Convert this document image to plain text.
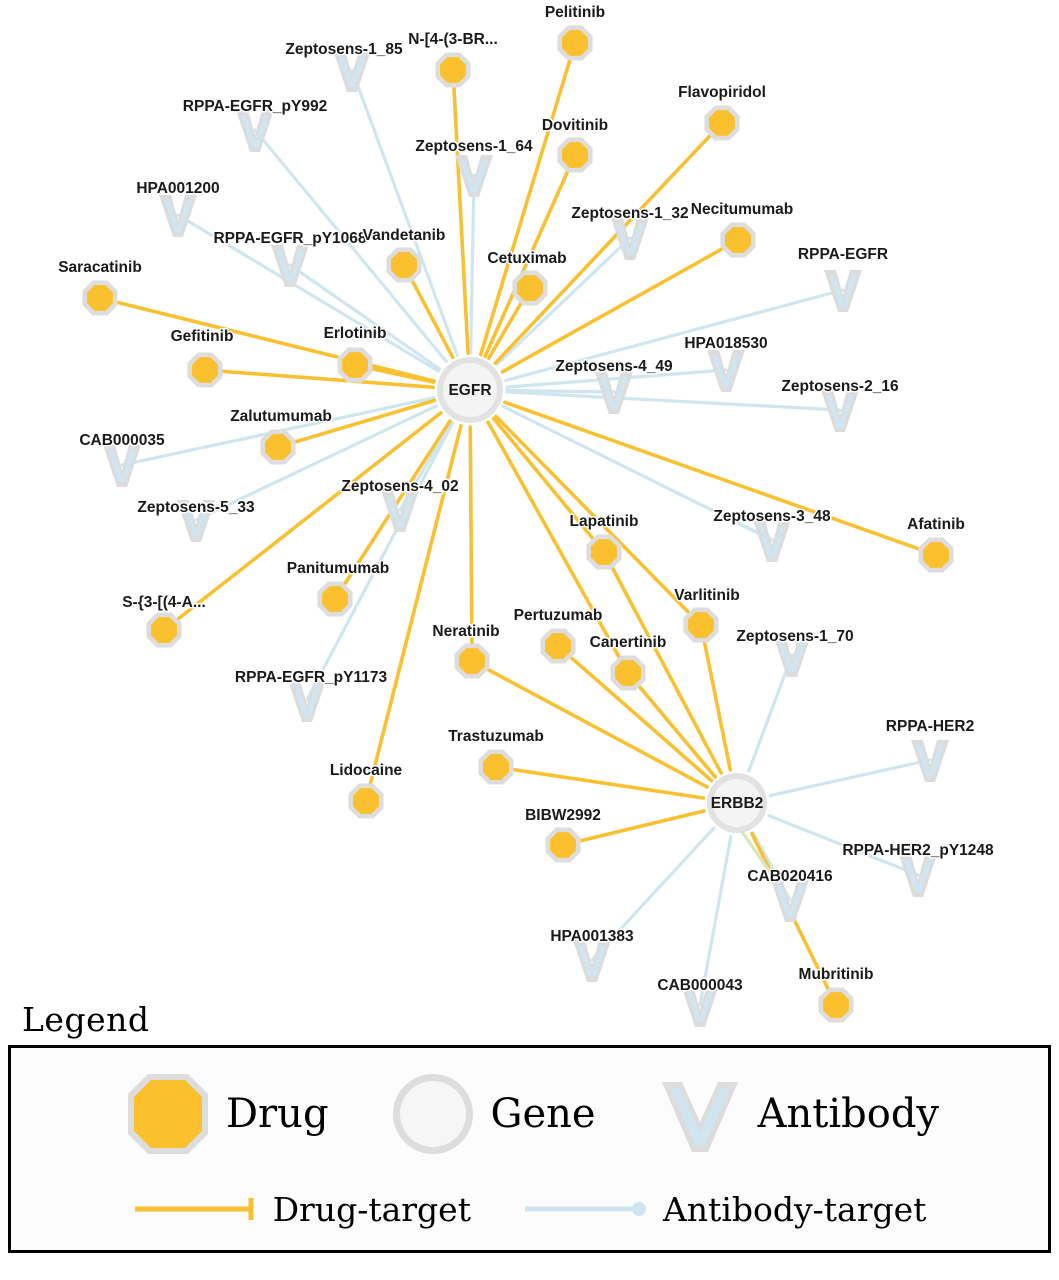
Zeptosens-1_85
RPPA-EGFR_pY992
Zeptosens-1_64
HPA001200
Zeptosens-1_32
RPPA-EGFR_pY1068
RPPA-EGFR
HPA018530
Zeptosens-4_49
Zeptosens-2_16
CAB000035
Zeptosens-4_02
Zeptosens-5_33
Zeptosens-3_48
Zeptosens-1_70
RPPA-EGFR_pY1173
RPPA-HER2
RPPA-HER2_pY1248
CAB020416
HPA001383
CAB000043
Pelitinib
N-[4-(3-BR...
Flavopiridol
Dovitinib
Necitumumab
Vandetanib
Cetuximab
Saracatinib
Gefitinib	Erlotinib
Zalutumumab
Afatinib
Lapatinib
Varlitinib
Panitumumab
S-{3-[(4-A...
Pertuzumab
Neratinib
Canertinib
Trastuzumab
Lidocaine
BIBW2992
Mubritinib
EGFR
ERBB2
Legend
Drug	Gene	Antibody
Drug-target	Antibody-target
